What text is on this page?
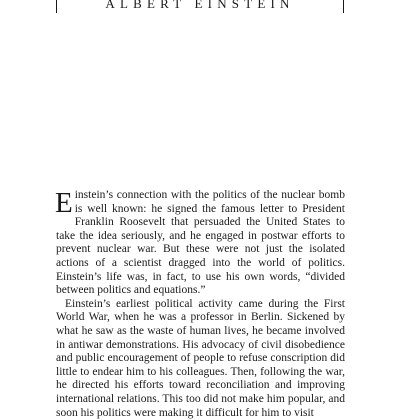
ALBERT EINSTEIN

Einstein’s connection with the politics of the nuclear bomb is well known: he signed the famous letter to President Franklin Roosevelt that persuaded the United States to take the idea seriously, and he engaged in postwar efforts to prevent nuclear war. But these were not just the isolated actions of a scientist dragged into the world of politics. Einstein’s life was, in fact, to use his own words, “divided between politics and equations.”

Einstein’s earliest political activity came during the First World War, when he was a professor in Berlin. Sickened by what he saw as the waste of human lives, he became involved in antiwar demonstrations. His advocacy of civil disobedience and public encouragement of people to refuse conscription did little to endear him to his colleagues. Then, following the war, he directed his efforts toward reconciliation and improving international relations. This too did not make him popular, and soon his politics were making it difficult for him to visit
